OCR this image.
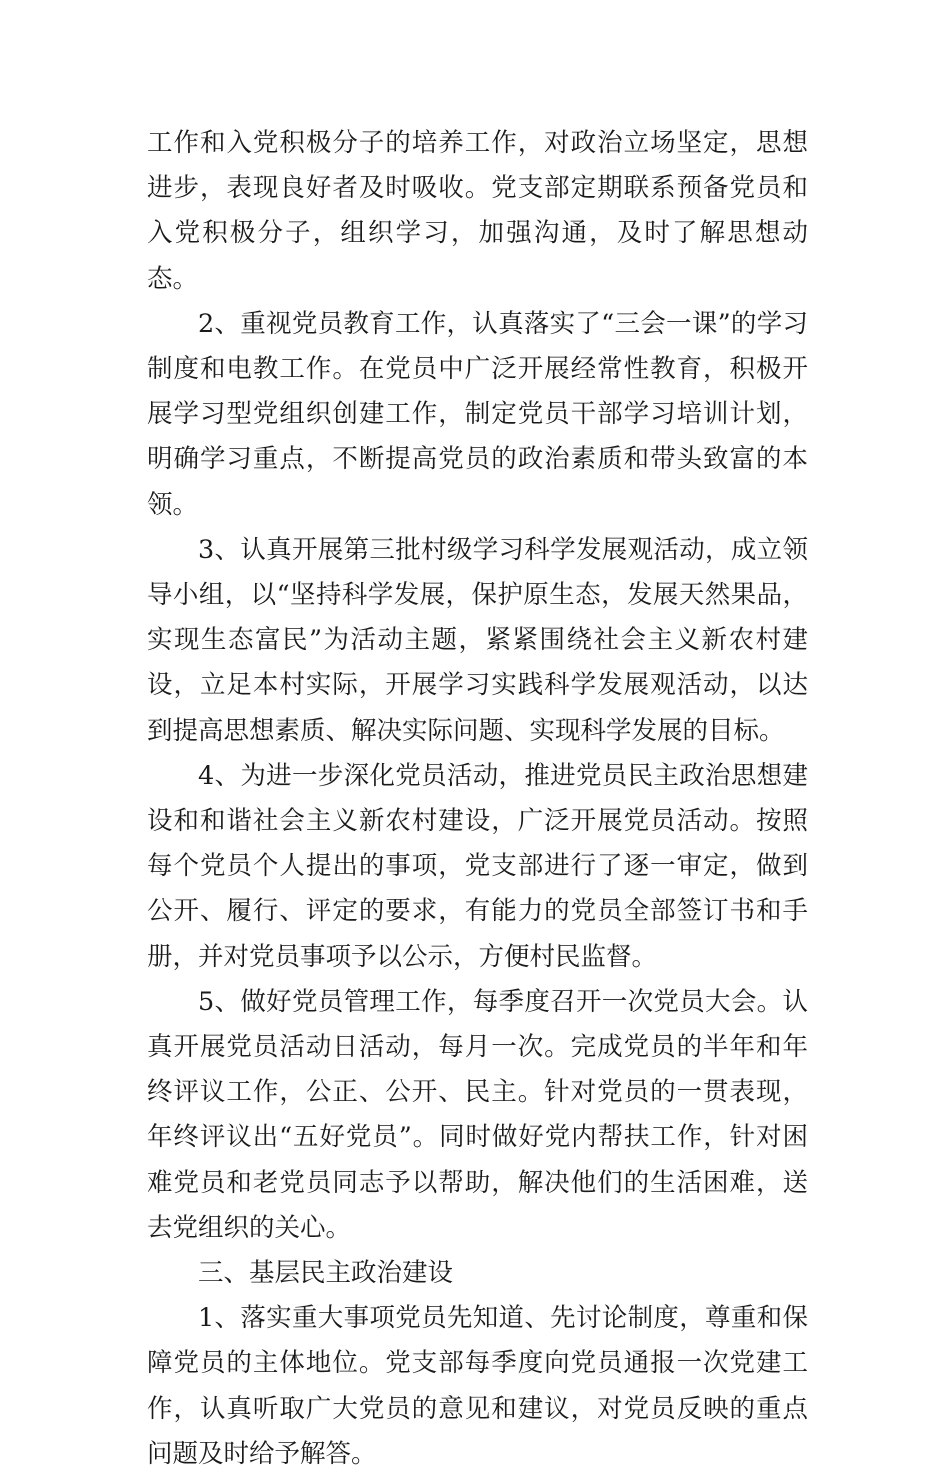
工作和入党积极分子的培养工作，对政治立场坚定，思想进步，表现良好者及时吸收。党支部定期联系预备党员和入党积极分子，组织学习，加强沟通，及时了解思想动态。

2、重视党员教育工作，认真落实了“三会一课”的学习制度和电教工作。在党员中广泛开展经常性教育，积极开展学习型党组织创建工作，制定党员干部学习培训计划，明确学习重点，不断提高党员的政治素质和带头致富的本领。

3、认真开展第三批村级学习科学发展观活动，成立领导小组，以“坚持科学发展，保护原生态，发展天然果品，实现生态富民”为活动主题，紧紧围绕社会主义新农村建设，立足本村实际，开展学习实践科学发展观活动，以达到提高思想素质、解决实际问题、实现科学发展的目标。

4、为进一步深化党员活动，推进党员民主政治思想建设和和谐社会主义新农村建设，广泛开展党员活动。按照每个党员个人提出的事项，党支部进行了逐一审定，做到公开、履行、评定的要求，有能力的党员全部签订书和手册，并对党员事项予以公示，方便村民监督。

5、做好党员管理工作，每季度召开一次党员大会。认真开展党员活动日活动，每月一次。完成党员的半年和年终评议工作，公正、公开、民主。针对党员的一贯表现，年终评议出“五好党员”。同时做好党内帮扶工作，针对困难党员和老党员同志予以帮助，解决他们的生活困难，送去党组织的关心。

三、基层民主政治建设

1、落实重大事项党员先知道、先讨论制度，尊重和保障党员的主体地位。党支部每季度向党员通报一次党建工作，认真听取广大党员的意见和建议，对党员反映的重点问题及时给予解答。
